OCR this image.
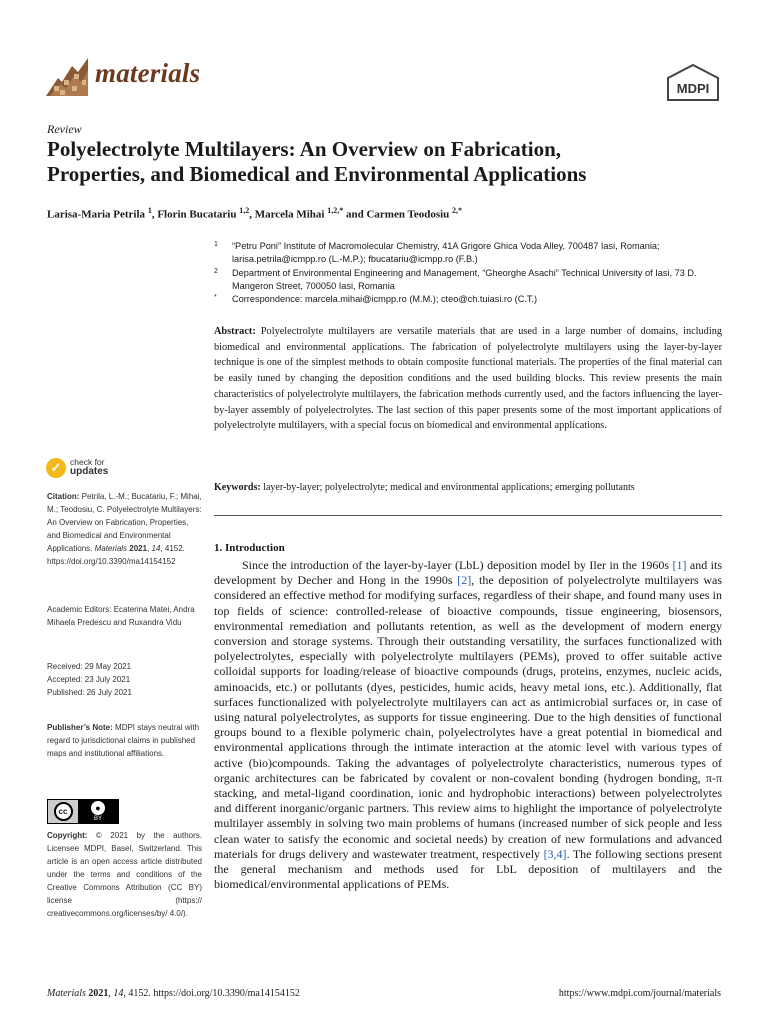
materials
MDPI
Review
Polyelectrolyte Multilayers: An Overview on Fabrication,
Properties, and Biomedical and Environmental Applications
Larisa-Maria Petrila $^1$, Florin Bucatariu $^{1,2}$, Marcela Mihai $^{1,2,*}$ and Carmen Teodosiu $^{2,*}$
1 “Petru Poni” Institute of Macromolecular Chemistry, 41A Grigore Ghica Voda Alley, 700487 Iasi, Romania; larisa.petrila@icmpp.ro (L.-M.P.); fbucatariu@icmpp.ro (F.B.)
2 Department of Environmental Engineering and Management, “Gheorghe Asachi” Technical University of Iasi, 73 D. Mangeron Street, 700050 Iasi, Romania
* Correspondence: marcela.mihai@icmpp.ro (M.M.); cteo@ch.tuiasi.ro (C.T.)
Abstract: Polyelectrolyte multilayers are versatile materials that are used in a large number of domains, including biomedical and environmental applications. The fabrication of polyelectrolyte multilayers using the layer-by-layer technique is one of the simplest methods to obtain composite functional materials. The properties of the final material can be easily tuned by changing the deposition conditions and the used building blocks. This review presents the main characteristics of polyelectrolyte multilayers, the fabrication methods currently used, and the factors influencing the layer-by-layer assembly of polyelectrolytes. The last section of this paper presents some of the most important applications of polyelectrolyte multilayers, with a special focus on biomedical and environmental applications.
Keywords: layer-by-layer; polyelectrolyte; medical and environmental applications; emerging pollutants
✓	check for
updates
Citation: Petrila, L.-M.; Bucatariu, F.; Mihai, M.; Teodosiu, C. Polyelectrolyte Multilayers: An Overview on Fabrication, Properties, and Biomedical and Environmental Applications. Materials 2021, 14, 4152. https://doi.org/10.3390/ma14154152
Academic Editors: Ecaterina Matei, Andra Mihaela Predescu and Ruxandra Vidu
Received: 29 May 2021
Accepted: 23 July 2021
Published: 26 July 2021
Publisher’s Note: MDPI stays neutral with regard to jurisdictional claims in published maps and institutional affiliations.
cc	●
BY
Copyright: © 2021 by the authors. Licensee MDPI, Basel, Switzerland. This article is an open access article distributed under the terms and conditions of the Creative Commons Attribution (CC BY) license (https:// creativecommons.org/licenses/by/ 4.0/).
1. Introduction
Since the introduction of the layer-by-layer (LbL) deposition model by Iler in the 1960s [1] and its development by Decher and Hong in the 1990s [2], the deposition of polyelectrolyte multilayers was considered an effective method for modifying surfaces, regardless of their shape, and found many uses in top fields of science: controlled-release of bioactive compounds, tissue engineering, biosensors, environmental remediation and pollutants retention, as well as the development of modern energy conversion and storage systems. Through their outstanding versatility, the surfaces functionalized with polyelectrolytes, especially with polyelectrolyte multilayers (PEMs), proved to offer suitable active colloidal supports for loading/release of bioactive compounds (drugs, proteins, enzymes, nucleic acids, aminoacids, etc.) or pollutants (dyes, pesticides, humic acids, heavy metal ions, etc.). Additionally, flat surfaces functionalized with polyelectrolyte multilayers can act as antimicrobial surfaces or, in case of using natural polyelectrolytes, as supports for tissue engineering. Due to the high densities of functional groups bound to a flexible polymeric chain, polyelectrolytes have a great potential in biomedical and environmental applications through the intimate interaction at the atomic level with various types of active (bio)compounds. Taking the advantages of polyelectrolyte characteristics, numerous types of organic architectures can be fabricated by covalent or non-covalent bonding (hydrogen bonding, π-π stacking, and metal-ligand coordination, ionic and hydrophobic interactions) between polyelectrolytes and different inorganic/organic partners. This review aims to highlight the importance of polyelectrolyte multilayer assembly in solving two main problems of humans (increased number of sick people and less clean water to satisfy the economic and societal needs) by creation of new formulations and advanced materials for drugs delivery and wastewater treatment, respectively [3,4]. The following sections present the general mechanism and methods used for LbL deposition of multilayers and the biomedical/environmental applications of PEMs.
Materials 2021, 14, 4152. https://doi.org/10.3390/ma14154152	https://www.mdpi.com/journal/materials
